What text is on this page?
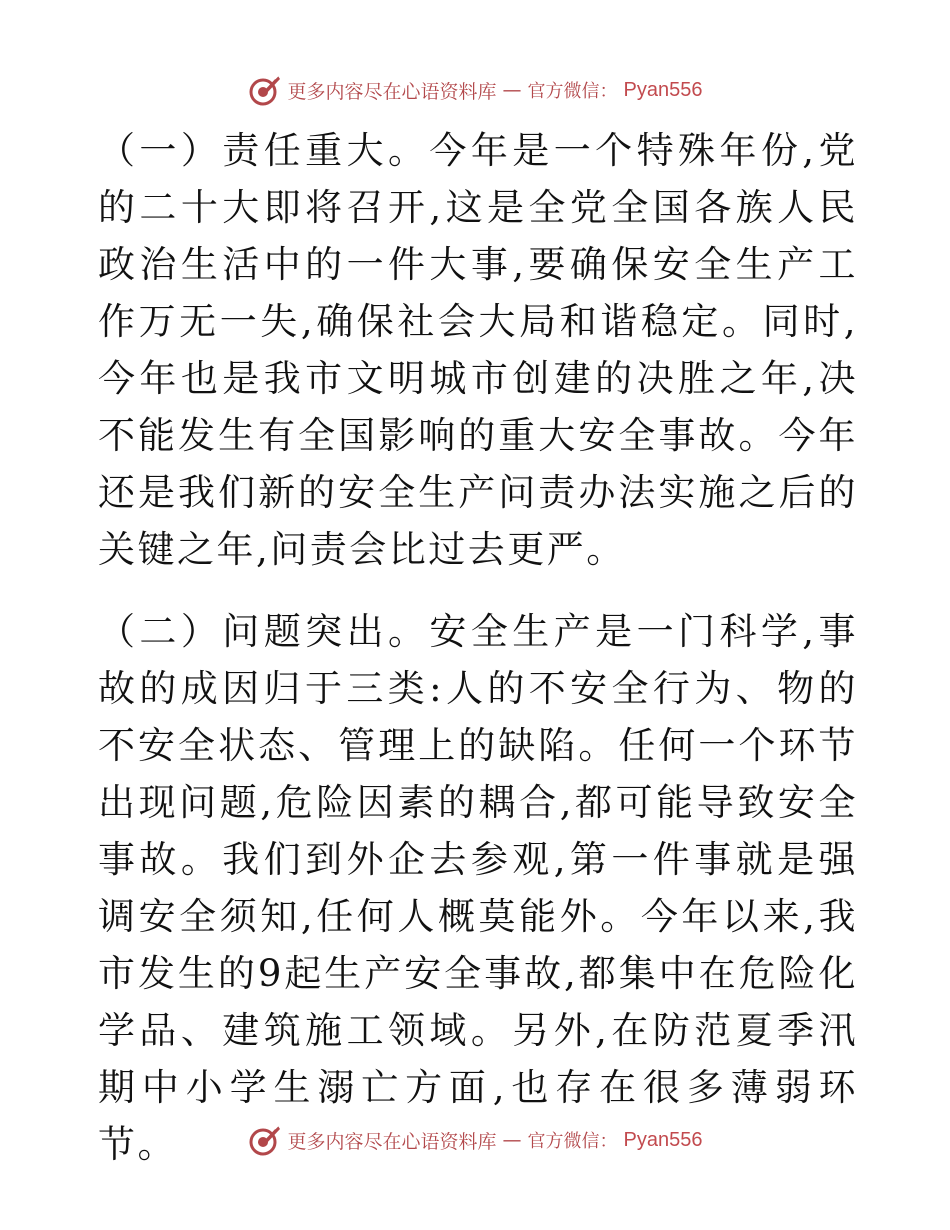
更多内容尽在心语资料库 — 官方微信： Pyan556

（一）责任重大。今年是一个特殊年份,党的二十大即将召开,这是全党全国各族人民政治生活中的一件大事,要确保安全生产工作万无一失,确保社会大局和谐稳定。同时,今年也是我市文明城市创建的决胜之年,决不能发生有全国影响的重大安全事故。今年还是我们新的安全生产问责办法实施之后的关键之年,问责会比过去更严。

（二）问题突出。安全生产是一门科学,事故的成因归于三类:人的不安全行为、物的不安全状态、管理上的缺陷。任何一个环节出现问题,危险因素的耦合,都可能导致安全事故。我们到外企去参观,第一件事就是强调安全须知,任何人概莫能外。今年以来,我市发生的9起生产安全事故,都集中在危险化学品、建筑施工领域。另外,在防范夏季汛期中小学生溺亡方面,也存在很多薄弱环节。	更多内容尽在心语资料库 — 官方微信： Pyan556
